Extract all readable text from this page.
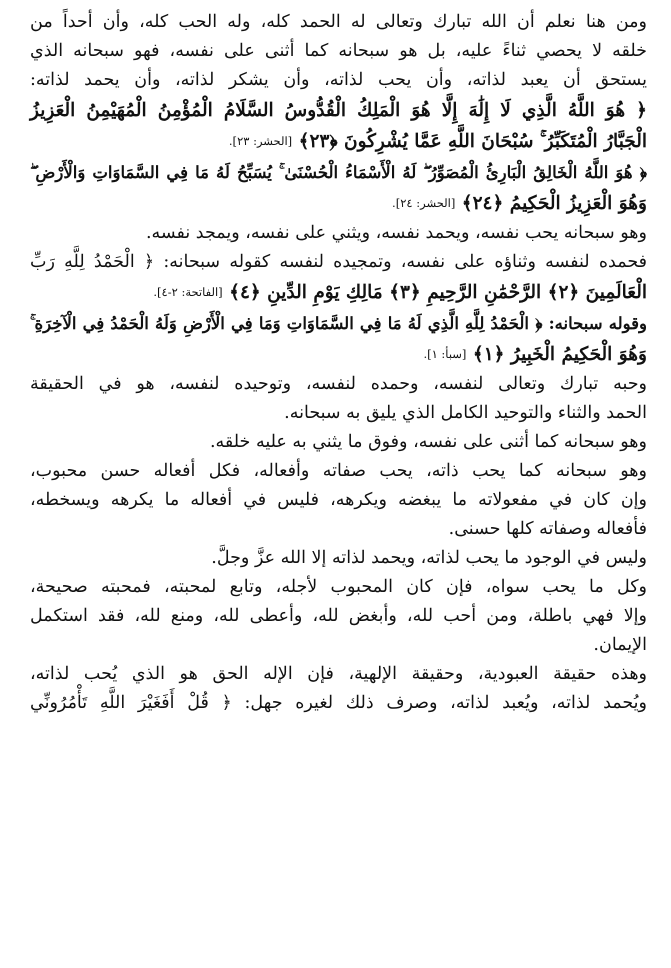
ومن هنا نعلم أن الله تبارك وتعالى له الحمد كله، وله الحب كله، وأن أحداً من
خلقه لا يحصي ثناءً عليه، بل هو سبحانه كما أثنى على نفسه، فهو سبحانه الذي
يستحق أن يعبد لذاته، وأن يحب لذاته، وأن يشكر لذاته، وأن يحمد لذاته:
﴿ هُوَ اللَّهُ الَّذِي لَا إِلَٰهَ إِلَّا هُوَ الْمَلِكُ الْقُدُّوسُ السَّلَامُ الْمُؤْمِنُ الْمُهَيْمِنُ الْعَزِيزُ
الْجَبَّارُ الْمُتَكَبِّرُ ۚ سُبْحَانَ اللَّهِ عَمَّا يُشْرِكُونَ ﴿٢٣﴾ [الحشر: ٢٣].
﴿ هُوَ اللَّهُ الْخَالِقُ الْبَارِئُ الْمُصَوِّرُ ۖ لَهُ الْأَسْمَاءُ الْحُسْنَىٰ ۚ يُسَبِّحُ لَهُ مَا فِي السَّمَاوَاتِ وَالْأَرْضِ ۖ
وَهُوَ الْعَزِيزُ الْحَكِيمُ ﴿٢٤﴾ [الحشر: ٢٤].
وهو سبحانه يحب نفسه، ويحمد نفسه، ويثني على نفسه، ويمجد نفسه.
فحمده لنفسه وثناؤه على نفسه، وتمجيده لنفسه كقوله سبحانه: ﴿ الْحَمْدُ لِلَّهِ رَبِّ
الْعَالَمِينَ ﴿٢﴾ الرَّحْمَٰنِ الرَّحِيمِ ﴿٣﴾ مَالِكِ يَوْمِ الدِّينِ ﴿٤﴾ [الفاتحة: ٢-٤].
وقوله سبحانه: ﴿ الْحَمْدُ لِلَّهِ الَّذِي لَهُ مَا فِي السَّمَاوَاتِ وَمَا فِي الْأَرْضِ وَلَهُ الْحَمْدُ فِي الْآخِرَةِ ۚ
وَهُوَ الْحَكِيمُ الْخَبِيرُ ﴿١﴾ [سبأ: ١].
وحبه تبارك وتعالى لنفسه، وحمده لنفسه، وتوحيده لنفسه، هو في الحقيقة
الحمد والثناء والتوحيد الكامل الذي يليق به سبحانه.
وهو سبحانه كما أثنى على نفسه، وفوق ما يثني به عليه خلقه.
وهو سبحانه كما يحب ذاته، يحب صفاته وأفعاله، فكل أفعاله حسن محبوب،
وإن كان في مفعولاته ما يبغضه ويكرهه، فليس في أفعاله ما يكرهه ويسخطه،
فأفعاله وصفاته كلها حسنى.
وليس في الوجود ما يحب لذاته، ويحمد لذاته إلا الله عزَّ وجلَّ.
وكل ما يحب سواه، فإن كان المحبوب لأجله، وتابع لمحبته، فمحبته صحيحة،
وإلا فهي باطلة، ومن أحب لله، وأبغض لله، وأعطى لله، ومنع لله، فقد استكمل
الإيمان.
وهذه حقيقة العبودية، وحقيقة الإلهية، فإن الإله الحق هو الذي يُحب لذاته،
ويُحمد لذاته، ويُعبد لذاته، وصرف ذلك لغيره جهل: ﴿ قُلْ أَفَغَيْرَ اللَّهِ تَأْمُرُونِّي
